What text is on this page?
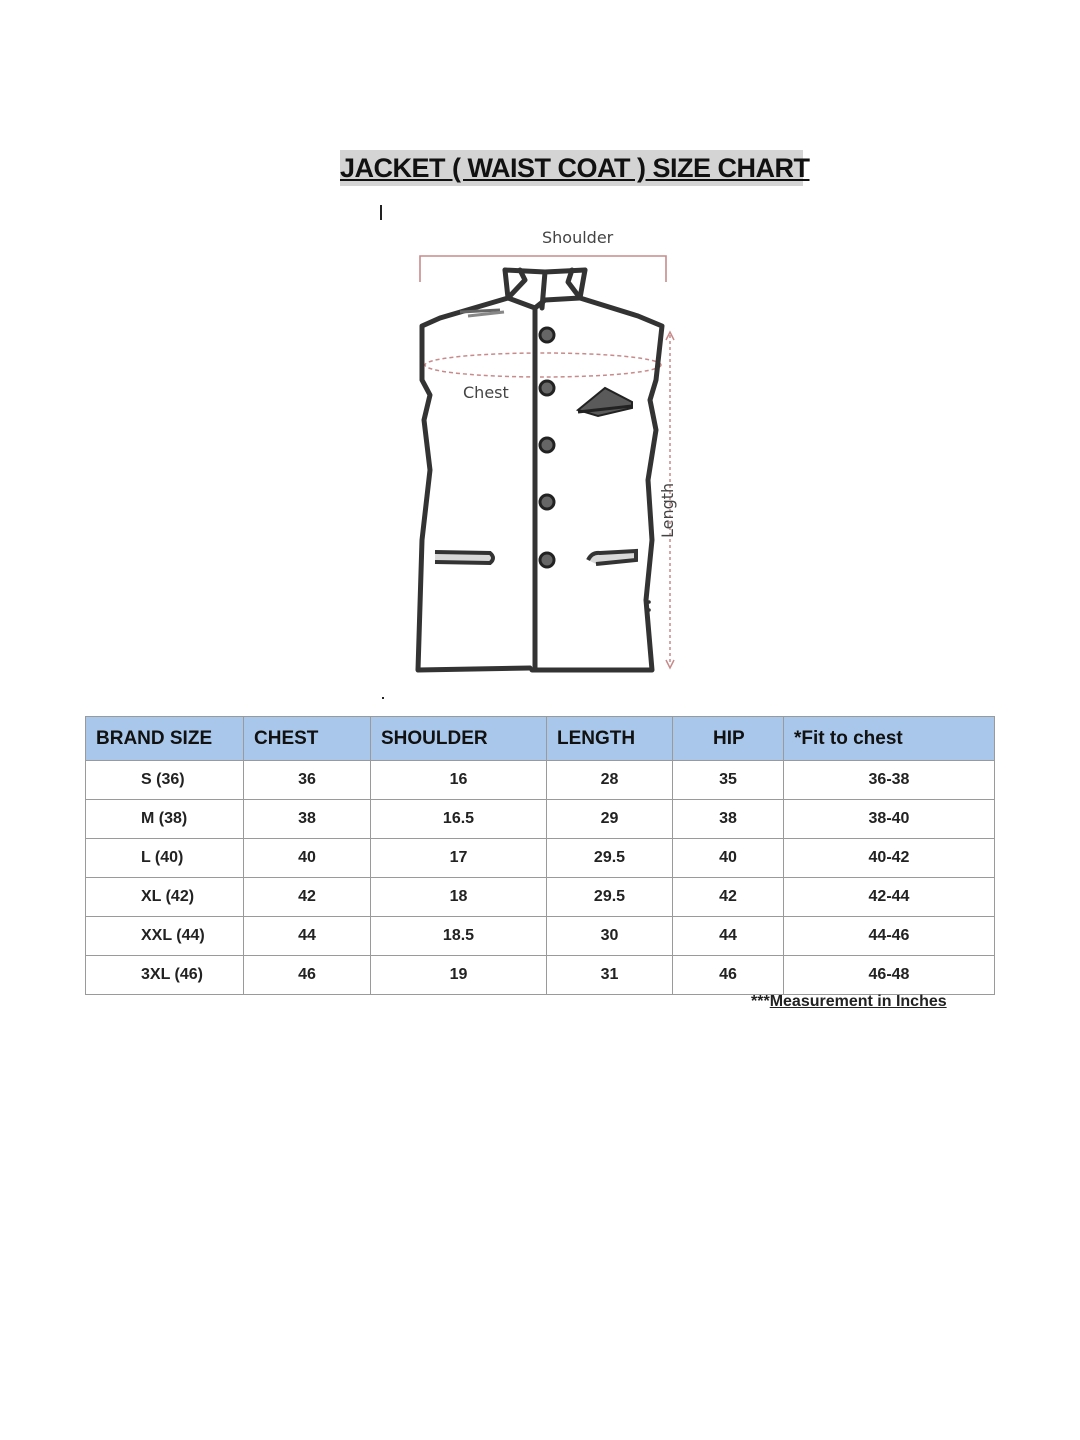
JACKET ( WAIST COAT ) SIZE CHART
Shoulder
Chest
Length
BRAND SIZE	CHEST	SHOULDER	LENGTH	HIP	*Fit to chest
S (36)	36	16	28	35	36-38
M (38)	38	16.5	29	38	38-40
L (40)	40	17	29.5	40	40-42
XL (42)	42	18	29.5	42	42-44
XXL (44)	44	18.5	30	44	44-46
3XL (46)	46	19	31	46	46-48
***Measurement in Inches
